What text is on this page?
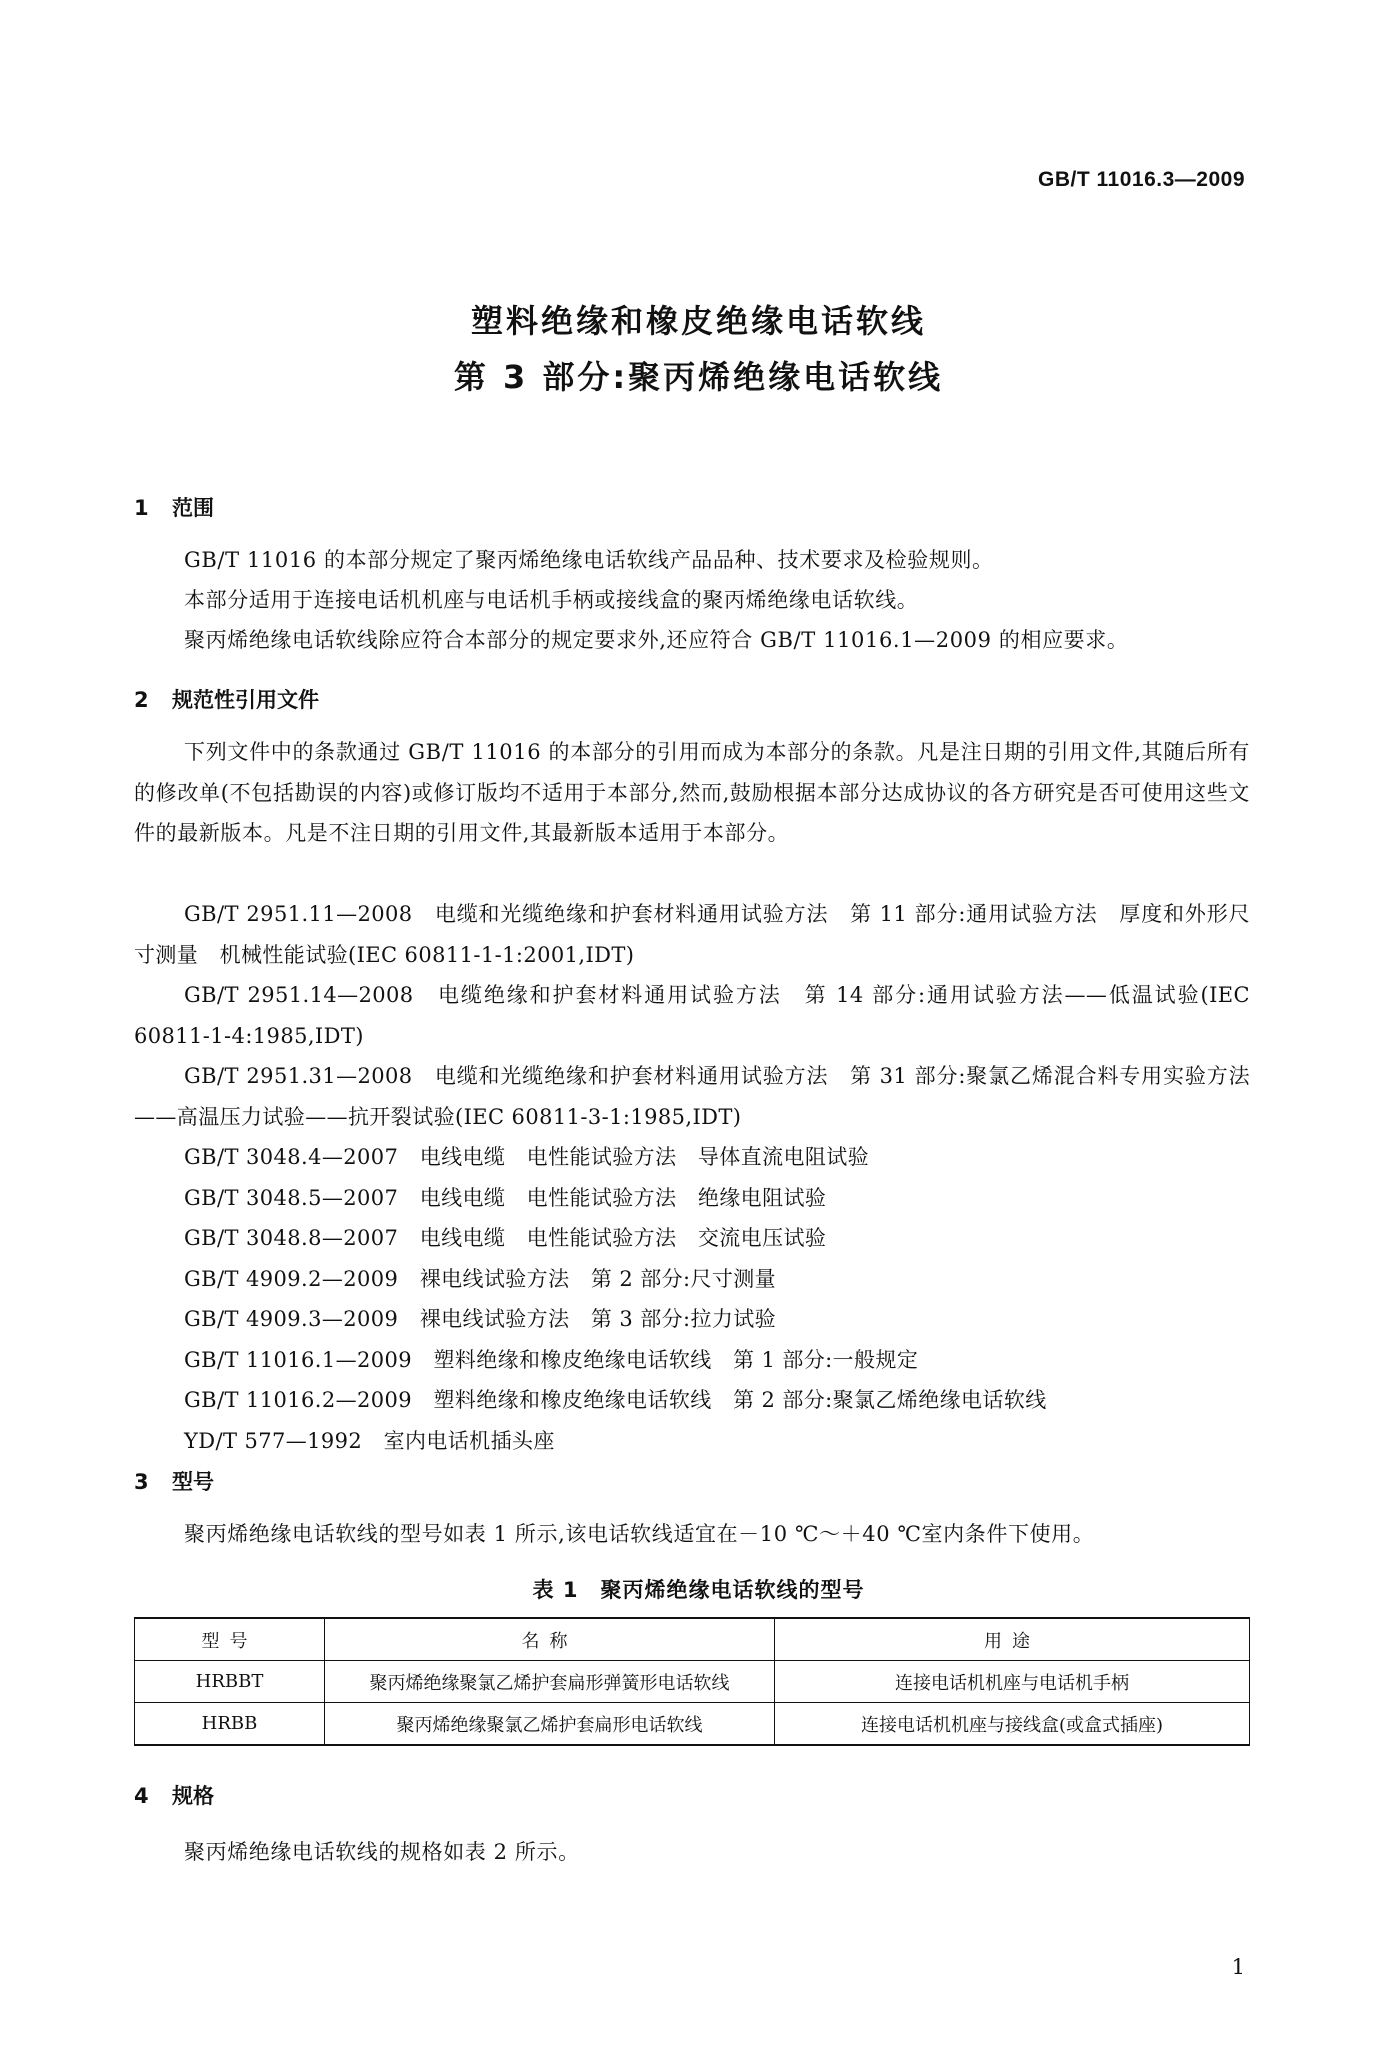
GB/T 11016.3—2009
塑料绝缘和橡皮绝缘电话软线
第 3 部分:聚丙烯绝缘电话软线
1 范围
GB/T 11016 的本部分规定了聚丙烯绝缘电话软线产品品种、技术要求及检验规则。
本部分适用于连接电话机机座与电话机手柄或接线盒的聚丙烯绝缘电话软线。
聚丙烯绝缘电话软线除应符合本部分的规定要求外,还应符合 GB/T 11016.1—2009 的相应要求。
2 规范性引用文件
下列文件中的条款通过 GB/T 11016 的本部分的引用而成为本部分的条款。凡是注日期的引用文件,其随后所有的修改单(不包括勘误的内容)或修订版均不适用于本部分,然而,鼓励根据本部分达成协议的各方研究是否可使用这些文件的最新版本。凡是不注日期的引用文件,其最新版本适用于本部分。

GB/T 2951.11—2008　电缆和光缆绝缘和护套材料通用试验方法　第 11 部分:通用试验方法　厚度和外形尺寸测量　机械性能试验(IEC 60811-1-1:2001,IDT)

GB/T 2951.14—2008　电缆绝缘和护套材料通用试验方法　第 14 部分:通用试验方法——低温试验(IEC 60811-1-4:1985,IDT)

GB/T 2951.31—2008　电缆和光缆绝缘和护套材料通用试验方法　第 31 部分:聚氯乙烯混合料专用实验方法——高温压力试验——抗开裂试验(IEC 60811-3-1:1985,IDT)

GB/T 3048.4—2007　电线电缆　电性能试验方法　导体直流电阻试验

GB/T 3048.5—2007　电线电缆　电性能试验方法　绝缘电阻试验

GB/T 3048.8—2007　电线电缆　电性能试验方法　交流电压试验

GB/T 4909.2—2009　裸电线试验方法　第 2 部分:尺寸测量

GB/T 4909.3—2009　裸电线试验方法　第 3 部分:拉力试验

GB/T 11016.1—2009　塑料绝缘和橡皮绝缘电话软线　第 1 部分:一般规定

GB/T 11016.2—2009　塑料绝缘和橡皮绝缘电话软线　第 2 部分:聚氯乙烯绝缘电话软线

YD/T 577—1992　室内电话机插头座

3 型号
聚丙烯绝缘电话软线的型号如表 1 所示,该电话软线适宜在－10 ℃～＋40 ℃室内条件下使用。
表 1　聚丙烯绝缘电话软线的型号
型号	名称	用途
HRBBT	聚丙烯绝缘聚氯乙烯护套扁形弹簧形电话软线	连接电话机机座与电话机手柄
HRBB	聚丙烯绝缘聚氯乙烯护套扁形电话软线	连接电话机机座与接线盒(或盒式插座)
4 规格
聚丙烯绝缘电话软线的规格如表 2 所示。
1
